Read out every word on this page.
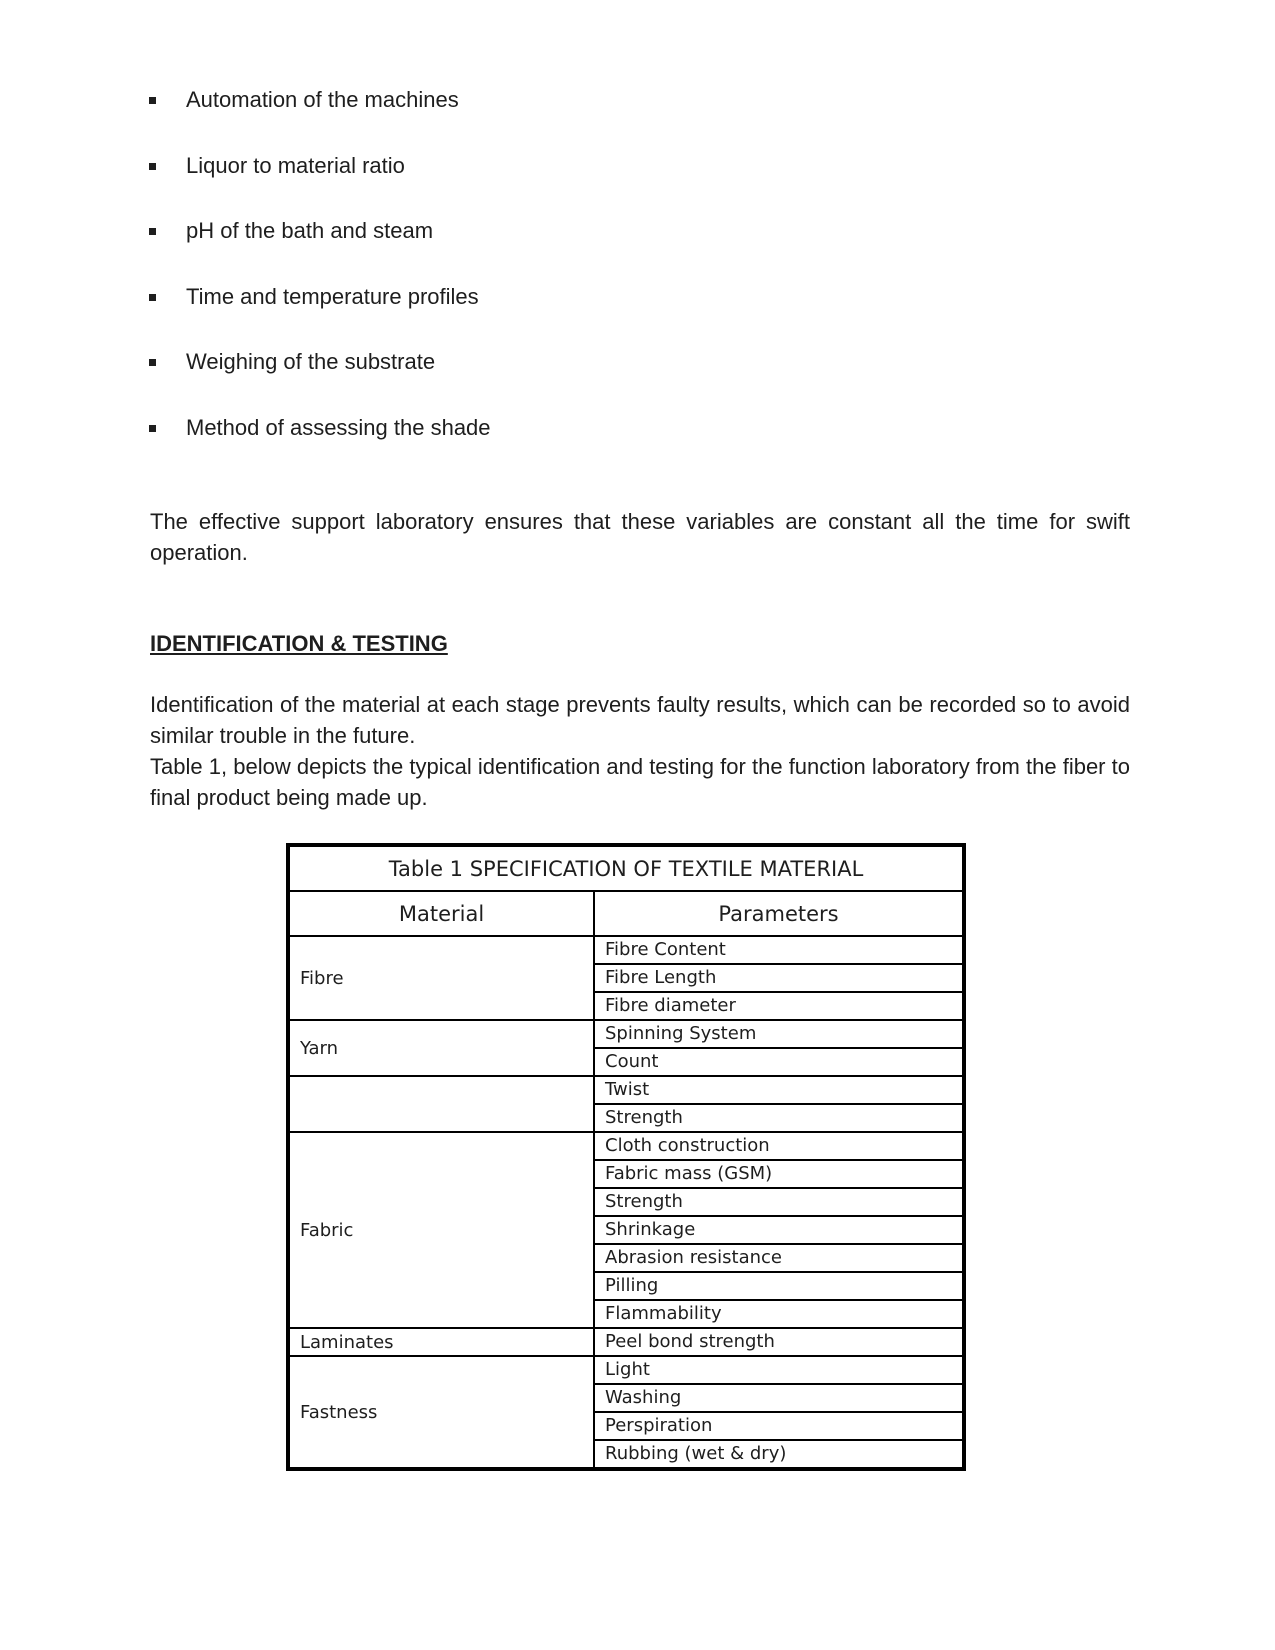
Automation of the machines
Liquor to material ratio
pH of the bath and steam
Time and temperature profiles
Weighing of the substrate
Method of assessing the shade

The effective support laboratory ensures that these variables are constant all the time for swift operation.

IDENTIFICATION & TESTING

Identification of the material at each stage prevents faulty results, which can be recorded so to avoid similar trouble in the future.

Table 1, below depicts the typical identification and testing for the function laboratory from the fiber to final product being made up.

Table 1 SPECIFICATION OF TEXTILE MATERIAL	
Material	Parameters
Fibre	Fibre Content
	Fibre Length
	Fibre diameter
Yarn	Spinning System
	Count
	Twist
	Strength
Fabric	Cloth construction
	Fabric mass (GSM)
	Strength
	Shrinkage
	Abrasion resistance
	Pilling
	Flammability
Laminates	Peel bond strength
Fastness	Light
	Washing
	Perspiration
	Rubbing (wet & dry)
